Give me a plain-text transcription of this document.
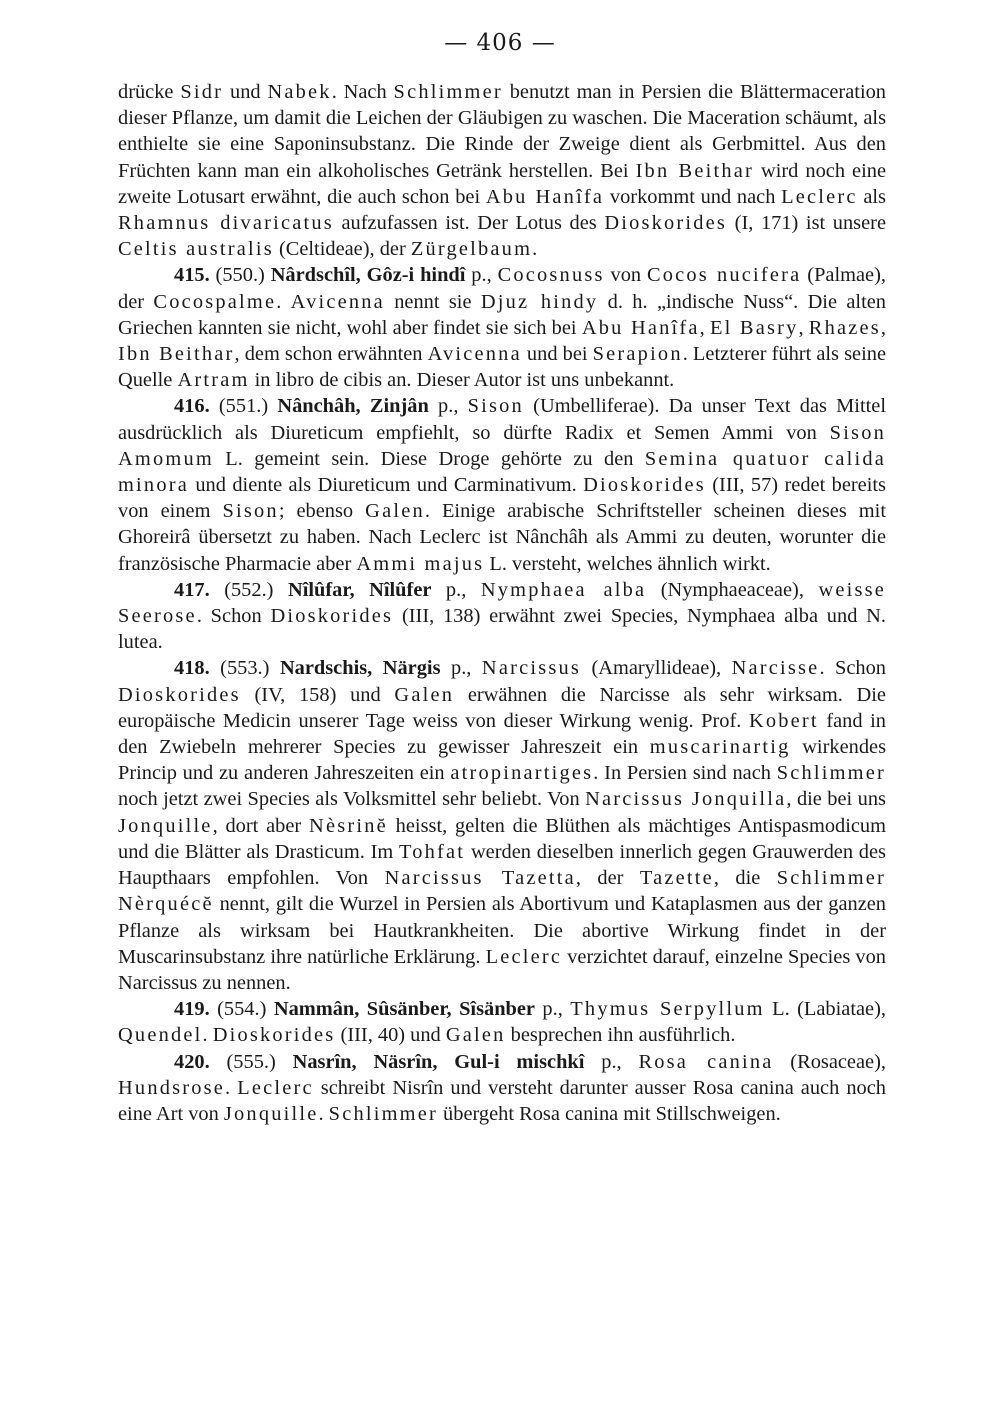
— 406 —

drücke Sidr und Nabek. Nach Schlimmer benutzt man in Persien die Blättermaceration dieser Pflanze, um damit die Leichen der Gläubigen zu waschen. Die Maceration schäumt, als enthielte sie eine Saponinsubstanz. Die Rinde der Zweige dient als Gerbmittel. Aus den Früchten kann man ein alkoholisches Getränk herstellen. Bei Ibn Beithar wird noch eine zweite Lotusart erwähnt, die auch schon bei Abu Hanîfa vorkommt und nach Leclerc als Rhamnus divaricatus aufzufassen ist. Der Lotus des Dioskorides (I, 171) ist unsere Celtis australis (Celtideae), der Zürgelbaum.

415. (550.) Nârdschîl, Gôz-i hindî p., Cocosnuss von Cocos nucifera (Palmae), der Cocospalme. Avicenna nennt sie Djuz hindy d. h. „indische Nuss“. Die alten Griechen kannten sie nicht, wohl aber findet sie sich bei Abu Hanîfa, El Basry, Rhazes, Ibn Beithar, dem schon erwähnten Avicenna und bei Serapion. Letzterer führt als seine Quelle Artram in libro de cibis an. Dieser Autor ist uns unbekannt.

416. (551.) Nânchâh, Zinjân p., Sison (Umbelliferae). Da unser Text das Mittel ausdrücklich als Diureticum empfiehlt, so dürfte Radix et Semen Ammi von Sison Amomum L. gemeint sein. Diese Droge gehörte zu den Semina quatuor calida minora und diente als Diureticum und Carminativum. Dioskorides (III, 57) redet bereits von einem Sison; ebenso Galen. Einige arabische Schriftsteller scheinen dieses mit Ghoreirâ übersetzt zu haben. Nach Leclerc ist Nânchâh als Ammi zu deuten, worunter die französische Pharmacie aber Ammi majus L. versteht, welches ähnlich wirkt.

417. (552.) Nîlûfar, Nîlûfer p., Nymphaea alba (Nymphaeaceae), weisse Seerose. Schon Dioskorides (III, 138) erwähnt zwei Species, Nymphaea alba und N. lutea.

418. (553.) Nardschis, Närgis p., Narcissus (Amaryllideae), Narcisse. Schon Dioskorides (IV, 158) und Galen erwähnen die Narcisse als sehr wirksam. Die europäische Medicin unserer Tage weiss von dieser Wirkung wenig. Prof. Kobert fand in den Zwiebeln mehrerer Species zu gewisser Jahreszeit ein muscarinartig wirkendes Princip und zu anderen Jahreszeiten ein atropinartiges. In Persien sind nach Schlimmer noch jetzt zwei Species als Volksmittel sehr beliebt. Von Narcissus Jonquilla, die bei uns Jonquille, dort aber Nèsrinĕ heisst, gelten die Blüthen als mächtiges Antispasmodicum und die Blätter als Drasticum. Im Tohfat werden dieselben innerlich gegen Grauwerden des Haupthaars empfohlen. Von Narcissus Tazetta, der Tazette, die Schlimmer Nèrquécĕ nennt, gilt die Wurzel in Persien als Abortivum und Kataplasmen aus der ganzen Pflanze als wirksam bei Hautkrankheiten. Die abortive Wirkung findet in der Muscarinsubstanz ihre natürliche Erklärung. Leclerc verzichtet darauf, einzelne Species von Narcissus zu nennen.

419. (554.) Nammân, Sûsänber, Sîsänber p., Thymus Serpyllum L. (Labiatae), Quendel. Dioskorides (III, 40) und Galen besprechen ihn ausführlich.

420. (555.) Nasrîn, Näsrîn, Gul-i mischkî p., Rosa canina (Rosaceae), Hundsrose. Leclerc schreibt Nisrîn und versteht darunter ausser Rosa canina auch noch eine Art von Jonquille. Schlimmer übergeht Rosa canina mit Stillschweigen.
